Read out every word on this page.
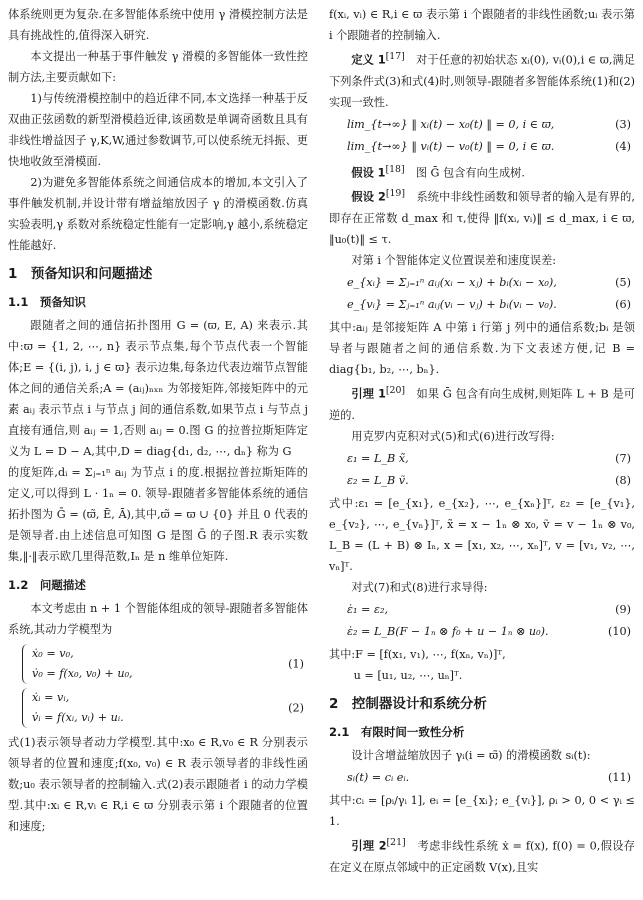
体系统则更为复杂.在多智能体系统中使用 γ 滑模控制方法是具有挑战性的,值得深入研究.

本文提出一种基于事件触发 γ 滑模的多智能体一致性控制方法,主要贡献如下:

1)与传统滑模控制中的趋近律不同,本文选择一种基于反双曲正弦函数的新型滑模趋近律,该函数是单调奇函数且具有非线性增益因子 γ,K,W,通过参数调节,可以使系统无抖振、更快地收敛至滑模面.

2)为避免多智能体系统之间通信成本的增加,本文引入了事件触发机制,并设计带有增益缩放因子 γ 的滑模函数.仿真实验表明,γ 系数对系统稳定性能有一定影响,γ 越小,系统稳定性能越好.

1　预备知识和问题描述
1.1　预备知识

跟随者之间的通信拓扑图用 G = (ϖ, E, A) 来表示.其中:ϖ = {1, 2, ⋯, n} 表示节点集,每个节点代表一个智能体;E = {(i, j), i, j ∈ ϖ} 表示边集,每条边代表边端节点智能体之间的通信关系;A = (aᵢⱼ)ₙₓₙ 为邻接矩阵,邻接矩阵中的元素 aᵢⱼ 表示节点 i 与节点 j 间的通信系数,如果节点 i 与节点 j 直接有通信,则 aᵢⱼ = 1,否则 aᵢⱼ = 0.图 G 的拉普拉斯矩阵定义为 L = D − A,其中,D = diag{d₁, d₂, ⋯, dₙ} 称为 G

的度矩阵,dᵢ = Σⱼ₌₁ⁿ aᵢⱼ 为节点 i 的度.根据拉普拉斯矩阵的定义,可以得到 L · 1ₙ = 0. 领导-跟随者多智能体系统的通信拓扑图为 Ḡ = (ϖ̃, Ē, Ā),其中,ϖ̃ = ϖ ∪ {0} 并且 0 代表的是领导者.由上述信息可知图 G 是图 Ḡ 的子图.R 表示实数集,‖·‖表示欧几里得范数,Iₙ 是 n 维单位矩阵.

1.2　问题描述

本文考虑由 n + 1 个智能体组成的领导-跟随者多智能体系统,其动力学模型为

ẋ₀ = v₀,
v̇₀ = f(x₀, v₀) + u₀,
(1)
ẋᵢ = vᵢ,
v̇ᵢ = f(xᵢ, vᵢ) + uᵢ.
(2)

式(1)表示领导者动力学模型.其中:x₀ ∈ R,v₀ ∈ R 分别表示领导者的位置和速度;f(x₀, v₀) ∈ R 表示领导者的非线性函数;u₀ 表示领导者的控制输入.式(2)表示跟随者 i 的动力学模型.其中:xᵢ ∈ R,vᵢ ∈ R,i ∈ ϖ 分别表示第 i 个跟随者的位置和速度;

f(xᵢ, vᵢ) ∈ R,i ∈ ϖ 表示第 i 个跟随者的非线性函数;uᵢ 表示第 i 个跟随者的控制输入.

定义 1[17]　 对于任意的初始状态 xᵢ(0), vᵢ(0),i ∈ ϖ,满足下列条件式(3)和式(4)时,则领导-跟随者多智能体系统(1)和(2)实现一致性.

lim_{t→∞} ‖ xᵢ(t) − x₀(t) ‖ = 0, i ∈ ϖ,	(3)
lim_{t→∞} ‖ vᵢ(t) − v₀(t) ‖ = 0, i ∈ ϖ.	(4)

假设 1[18]　 图 Ḡ 包含有向生成树.

假设 2[19]　 系统中非线性函数和领导者的输入是有界的,即存在正常数 d_max 和 τ,使得 ‖f(xᵢ, vᵢ)‖ ≤ d_max, i ∈ ϖ, ‖u₀(t)‖ ≤ τ.

对第 i 个智能体定义位置误差和速度误差:

e_{xᵢ} = Σⱼ₌₁ⁿ aᵢⱼ(xᵢ − xⱼ) + bᵢ(xᵢ − x₀),	(5)
e_{vᵢ} = Σⱼ₌₁ⁿ aᵢⱼ(vᵢ − vⱼ) + bᵢ(vᵢ − v₀).	(6)

其中:aᵢⱼ 是邻接矩阵 A 中第 i 行第 j 列中的通信系数;bᵢ 是领导者与跟随者之间的通信系数.为下文表述方便,记 B = diag{b₁, b₂, ⋯, bₙ}.

引理 1[20]　 如果 Ḡ 包含有向生成树,则矩阵 L + B 是可逆的.

用克罗内克积对式(5)和式(6)进行改写得:

ε₁ = L_B x̃,	(7)
ε₂ = L_B ṽ.	(8)

式中:ε₁ = [e_{x₁}, e_{x₂}, ⋯, e_{xₙ}]ᵀ, ε₂ = [e_{v₁}, e_{v₂}, ⋯, e_{vₙ}]ᵀ, x̃ = x − 1ₙ ⊗ x₀, ṽ = v − 1ₙ ⊗ v₀, L_B = (L + B) ⊗ Iₙ, x = [x₁, x₂, ⋯, xₙ]ᵀ, v = [v₁, v₂, ⋯, vₙ]ᵀ.

对式(7)和式(8)进行求导得:

ε̇₁ = ε₂,	(9)
ε̇₂ = L_B(F − 1ₙ ⊗ f₀ + u − 1ₙ ⊗ u₀).	(10)

其中:F = [f(x₁, v₁), ⋯, f(xₙ, vₙ)]ᵀ,

u = [u₁, u₂, ⋯, uₙ]ᵀ.

2　控制器设计和系统分析
2.1　有限时间一致性分析

设计含增益缩放因子 γᵢ(i = ϖ̃) 的滑模函数 sᵢ(t):

sᵢ(t) = cᵢ eᵢ.	(11)

其中:cᵢ = [ρᵢ/γᵢ 1], eᵢ = [e_{xᵢ}; e_{vᵢ}], ρᵢ > 0, 0 < γᵢ ≤ 1.

引理 2[21]　 考虑非线性系统 ẋ = f(x), f(0) = 0,假设存在定义在原点邻域中的正定函数 V(x),且实
